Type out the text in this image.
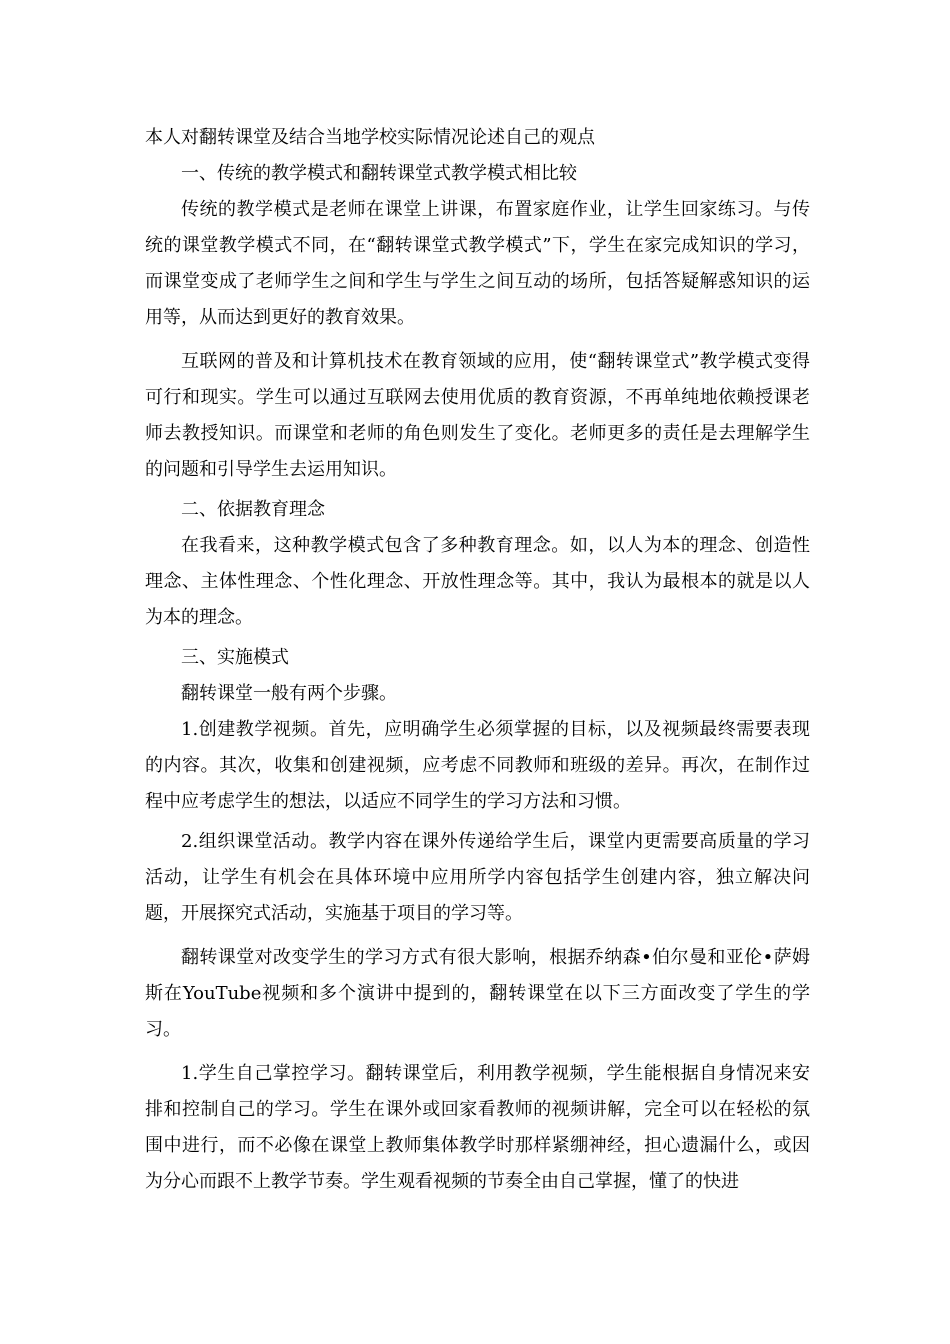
本人对翻转课堂及结合当地学校实际情况论述自己的观点

一、传统的教学模式和翻转课堂式教学模式相比较

传统的教学模式是老师在课堂上讲课，布置家庭作业，让学生回家练习。与传统的课堂教学模式不同，在“翻转课堂式教学模式”下，学生在家完成知识的学习，而课堂变成了老师学生之间和学生与学生之间互动的场所，包括答疑解惑知识的运用等，从而达到更好的教育效果。

互联网的普及和计算机技术在教育领域的应用，使“翻转课堂式”教学模式变得可行和现实。学生可以通过互联网去使用优质的教育资源，不再单纯地依赖授课老师去教授知识。而课堂和老师的角色则发生了变化。老师更多的责任是去理解学生的问题和引导学生去运用知识。

二、依据教育理念

在我看来，这种教学模式包含了多种教育理念。如，以人为本的理念、创造性理念、主体性理念、个性化理念、开放性理念等。其中，我认为最根本的就是以人为本的理念。

三、实施模式

翻转课堂一般有两个步骤。

1.创建教学视频。首先，应明确学生必须掌握的目标，以及视频最终需要表现的内容。其次，收集和创建视频，应考虑不同教师和班级的差异。再次，在制作过程中应考虑学生的想法，以适应不同学生的学习方法和习惯。

2.组织课堂活动。教学内容在课外传递给学生后，课堂内更需要高质量的学习活动，让学生有机会在具体环境中应用所学内容包括学生创建内容，独立解决问题，开展探究式活动，实施基于项目的学习等。

翻转课堂对改变学生的学习方式有很大影响，根据乔纳森•伯尔曼和亚伦•萨姆斯在YouTube视频和多个演讲中提到的，翻转课堂在以下三方面改变了学生的学习。

1.学生自己掌控学习。翻转课堂后，利用教学视频，学生能根据自身情况来安排和控制自己的学习。学生在课外或回家看教师的视频讲解，完全可以在轻松的氛围中进行，而不必像在课堂上教师集体教学时那样紧绷神经，担心遗漏什么，或因为分心而跟不上教学节奏。学生观看视频的节奏全由自己掌握，懂了的快进
